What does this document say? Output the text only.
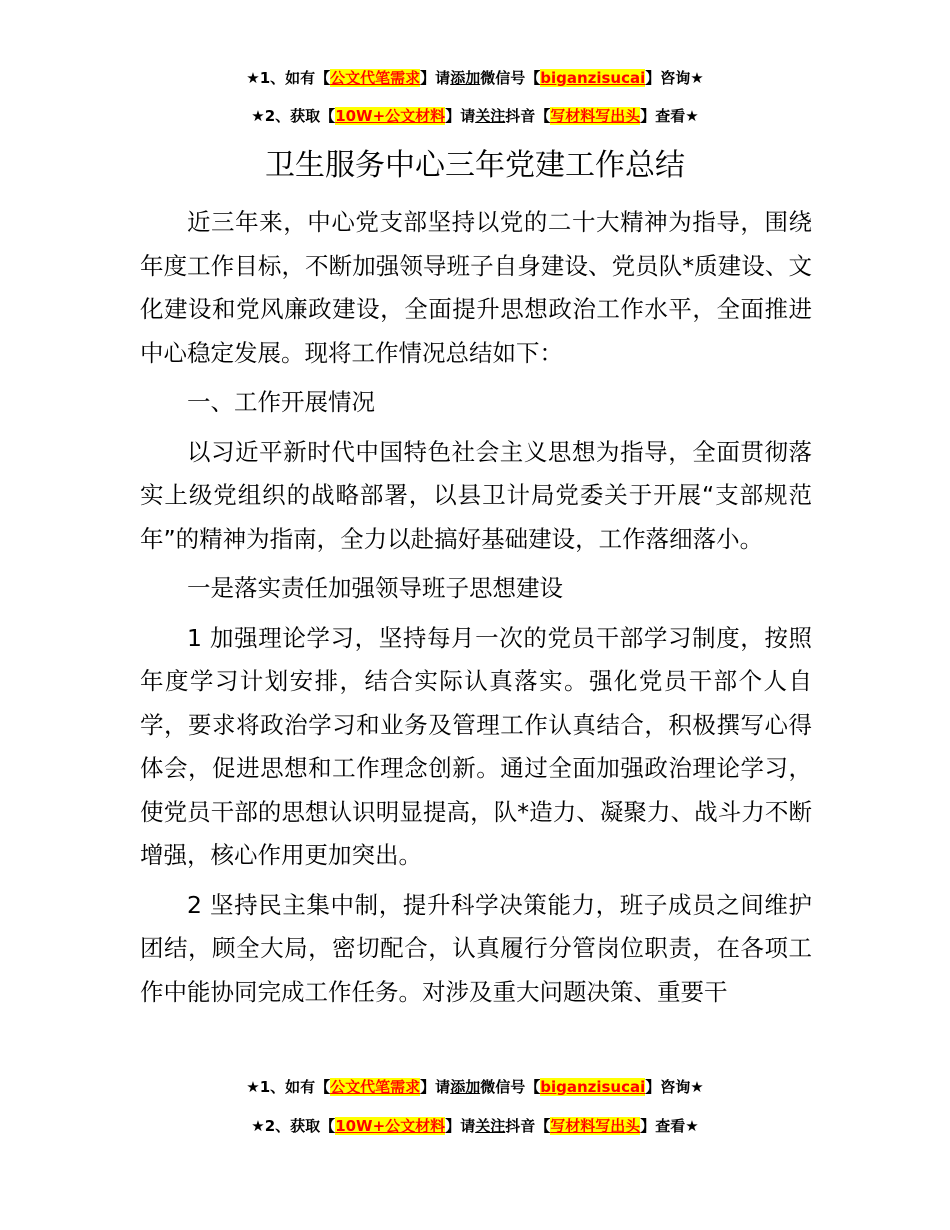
★1、如有【公文代笔需求】请添加微信号【biganzisucai】咨询★
★2、获取【10W+公文材料】请关注抖音【写材料写出头】查看★
卫生服务中心三年党建工作总结

近三年来，中心党支部坚持以党的二十大精神为指导，围绕年度工作目标，不断加强领导班子自身建设、党员队*质建设、文化建设和党风廉政建设，全面提升思想政治工作水平，全面推进中心稳定发展。现将工作情况总结如下：

一、工作开展情况

以习近平新时代中国特色社会主义思想为指导，全面贯彻落实上级党组织的战略部署，以县卫计局党委关于开展“支部规范年”的精神为指南，全力以赴搞好基础建设，工作落细落小。

一是落实责任加强领导班子思想建设

1 加强理论学习，坚持每月一次的党员干部学习制度，按照年度学习计划安排，结合实际认真落实。强化党员干部个人自学，要求将政治学习和业务及管理工作认真结合，积极撰写心得体会，促进思想和工作理念创新。通过全面加强政治理论学习，使党员干部的思想认识明显提高，队*造力、凝聚力、战斗力不断增强，核心作用更加突出。

2 坚持民主集中制，提升科学决策能力，班子成员之间维护团结，顾全大局，密切配合，认真履行分管岗位职责，在各项工作中能协同完成工作任务。对涉及重大问题决策、重要干

★1、如有【公文代笔需求】请添加微信号【biganzisucai】咨询★
★2、获取【10W+公文材料】请关注抖音【写材料写出头】查看★
